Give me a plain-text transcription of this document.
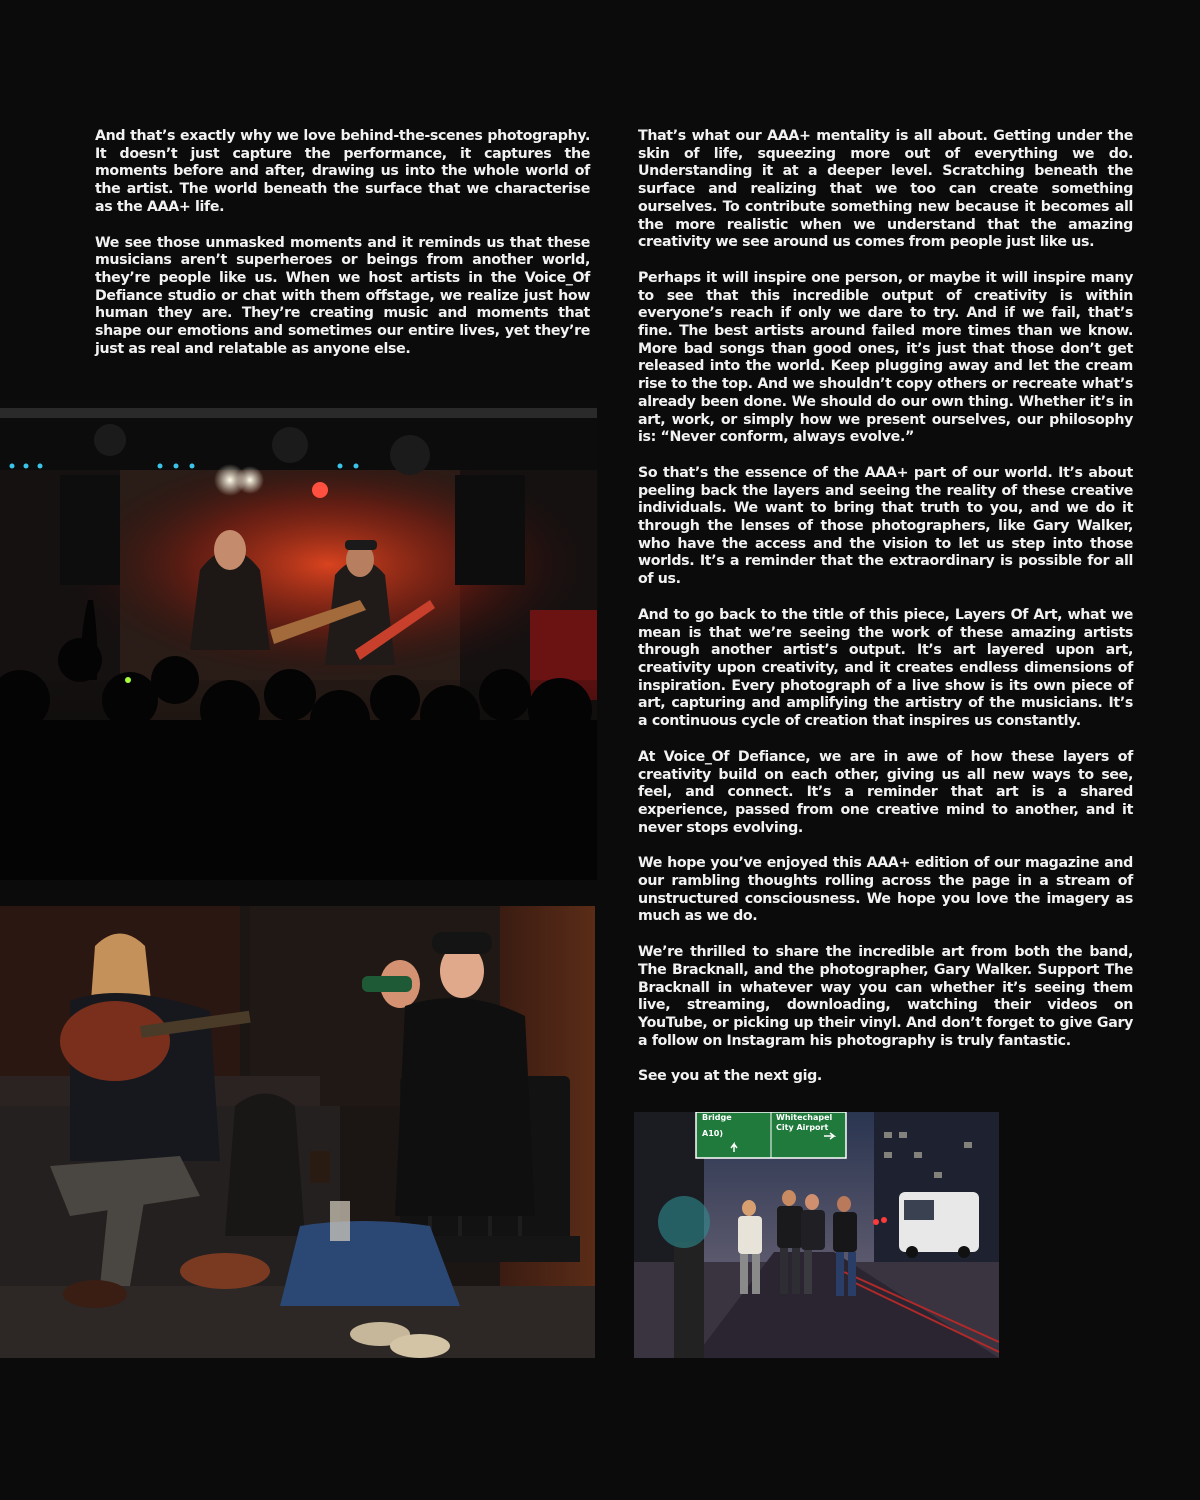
And that’s exactly why we love behind-the-scenes photography. It doesn’t just capture the performance, it captures the moments before and after, drawing us into the whole world of the artist. The world beneath the surface that we characterise as the AAA+ life.

We see those unmasked moments and it reminds us that these musicians aren’t superheroes or beings from another world, they’re people like us. When we host artists in the Voice_Of Defiance studio or chat with them offstage, we realize just how human they are. They’re creating music and moments that shape our emotions and sometimes our entire lives, yet they’re just as real and relatable as anyone else.

That’s what our AAA+ mentality is all about. Getting under the skin of life, squeezing more out of everything we do. Understanding it at a deeper level. Scratching beneath the surface and realizing that we too can create something ourselves. To contribute something new because it becomes all the more realistic when we understand that the amazing creativity we see around us comes from people just like us.

Perhaps it will inspire one person, or maybe it will inspire many to see that this incredible output of creativity is within everyone’s reach if only we dare to try. And if we fail, that’s fine. The best artists around failed more times than we know. More bad songs than good ones, it’s just that those don’t get released into the world. Keep plugging away and let the cream rise to the top. And we shouldn’t copy others or recreate what’s already been done. We should do our own thing. Whether it’s in art, work, or simply how we present ourselves, our philosophy is: “Never conform, always evolve.”

So that’s the essence of the AAA+ part of our world. It’s about peeling back the layers and seeing the reality of these creative individuals. We want to bring that truth to you, and we do it through the lenses of those photographers, like Gary Walker, who have the access and the vision to let us step into those worlds. It’s a reminder that the extraordinary is possible for all of us.

And to go back to the title of this piece, Layers Of Art, what we mean is that we’re seeing the work of these amazing artists through another artist’s output. It’s art layered upon art, creativity upon creativity, and it creates endless dimensions of inspiration. Every photograph of a live show is its own piece of art, capturing and amplifying the artistry of the musicians. It’s a continuous cycle of creation that inspires us constantly.

At Voice_Of Defiance, we are in awe of how these layers of creativity build on each other, giving us all new ways to see, feel, and connect. It’s a reminder that art is a shared experience, passed from one creative mind to another, and it never stops evolving.

We hope you’ve enjoyed this AAA+ edition of our magazine and our rambling thoughts rolling across the page in a stream of unstructured consciousness. We hope you love the imagery as much as we do.

We’re thrilled to share the incredible art from both the band, The Bracknall, and the photographer, Gary Walker. Support The Bracknall in whatever way you can whether it’s seeing them live, streaming, downloading, watching their videos on YouTube, or picking up their vinyl. And don’t forget to give Gary a follow on Instagram his photography is truly fantastic.

See you at the next gig.

Bridge
A10)
Whitechapel
City Airport
